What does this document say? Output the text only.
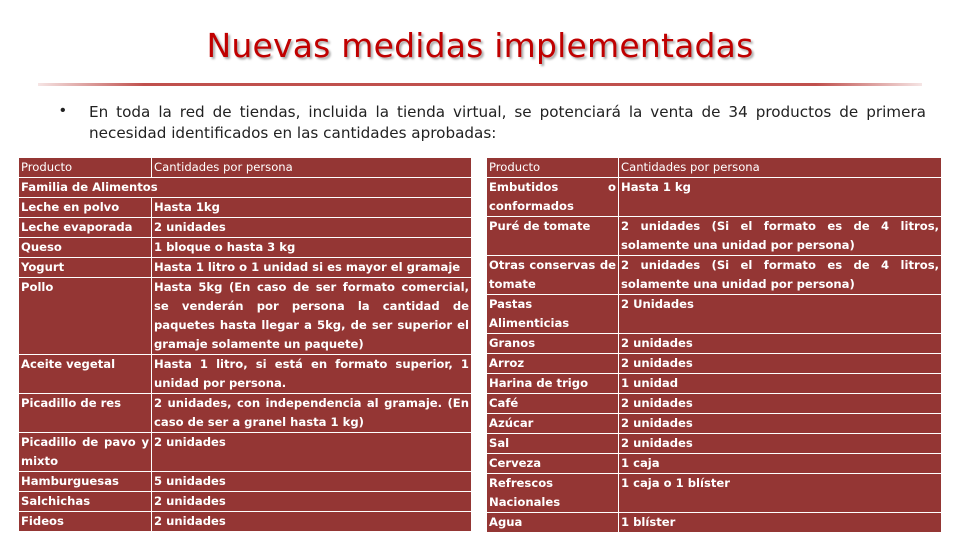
Nuevas medidas implementadas
• En toda la red de tiendas, incluida la tienda virtual, se potenciará la venta de 34 productos de primera necesidad identificados en las cantidades aprobadas:
Producto	Cantidades por persona
Familia de Alimentos	
Leche en polvo	Hasta 1kg
Leche evaporada	2 unidades
Queso	1 bloque o hasta 3 kg
Yogurt	Hasta 1 litro o 1 unidad si es mayor el gramaje
Pollo	Hasta 5kg (En caso de ser formato comercial, se venderán por persona la cantidad de paquetes hasta llegar a 5kg, de ser superior el gramaje solamente un paquete)
Aceite vegetal	Hasta 1 litro, si está en formato superior, 1 unidad por persona.
Picadillo de res	2 unidades, con independencia al gramaje. (En caso de ser a granel hasta 1 kg)
Picadillo de pavo y mixto	2 unidades
Hamburguesas	5 unidades
Salchichas	2 unidades
Fideos	2 unidades
Producto	Cantidades por persona
Embutidos o conformados	Hasta 1 kg
Puré de tomate	2 unidades (Si el formato es de 4 litros, solamente una unidad por persona)
Otras conservas de tomate	2 unidades (Si el formato es de 4 litros, solamente una unidad por persona)
Pastas Alimenticias	2 Unidades
Granos	2 unidades
Arroz	2 unidades
Harina de trigo	1 unidad
Café	2 unidades
Azúcar	2 unidades
Sal	2 unidades
Cerveza	1 caja
Refrescos Nacionales	1 caja o 1 blíster
Agua	1 blíster
